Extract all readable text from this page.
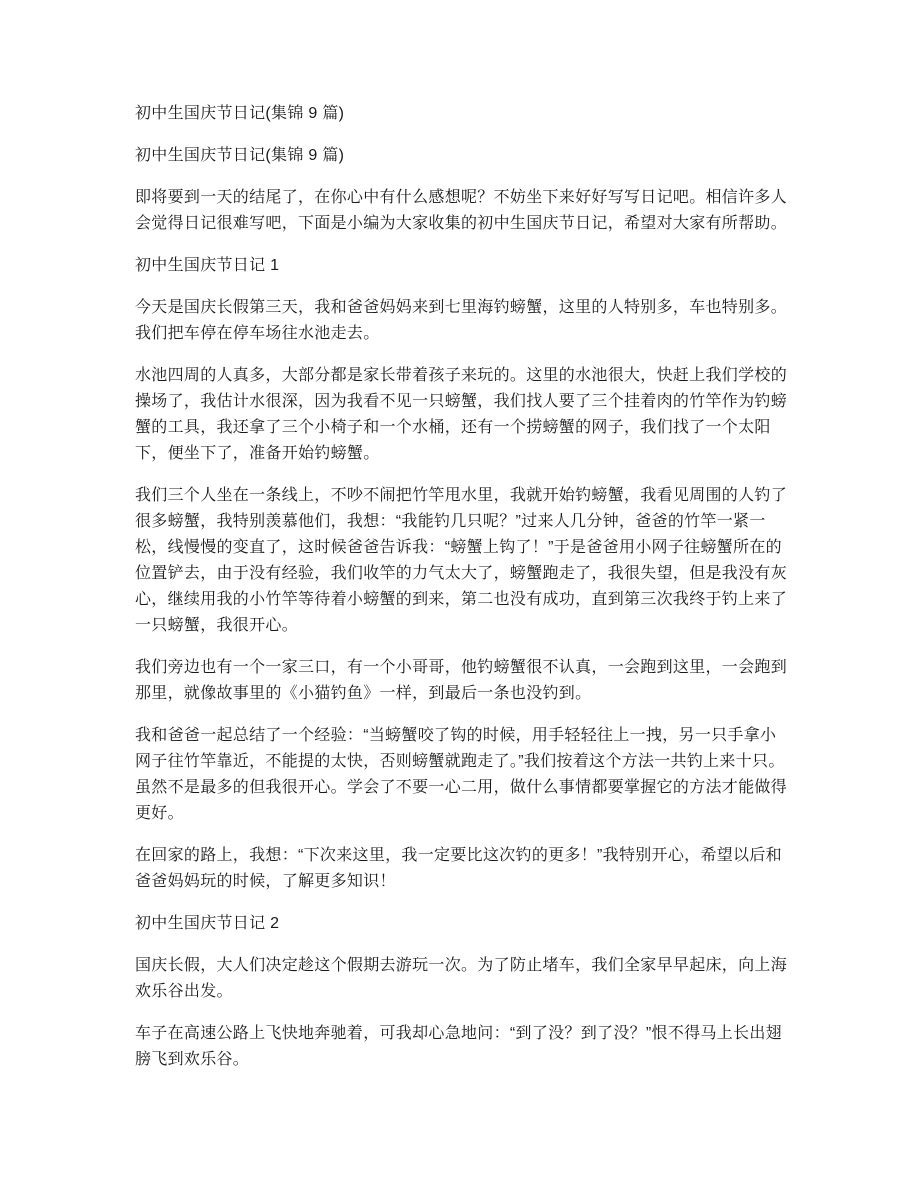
初中生国庆节日记(集锦 9 篇)
初中生国庆节日记(集锦 9 篇)

即将要到一天的结尾了，在你心中有什么感想呢？不妨坐下来好好写写日记吧。相信许多人会觉得日记很难写吧，下面是小编为大家收集的初中生国庆节日记，希望对大家有所帮助。

初中生国庆节日记 1

今天是国庆长假第三天，我和爸爸妈妈来到七里海钓螃蟹，这里的人特别多，车也特别多。我们把车停在停车场往水池走去。

水池四周的人真多，大部分都是家长带着孩子来玩的。这里的水池很大，快赶上我们学校的操场了，我估计水很深，因为我看不见一只螃蟹，我们找人要了三个挂着肉的竹竿作为钓螃蟹的工具，我还拿了三个小椅子和一个水桶，还有一个捞螃蟹的网子，我们找了一个太阳下，便坐下了，准备开始钓螃蟹。

我们三个人坐在一条线上，不吵不闹把竹竿甩水里，我就开始钓螃蟹，我看见周围的人钓了很多螃蟹，我特别羡慕他们，我想：“我能钓几只呢？”过来人几分钟，爸爸的竹竿一紧一松，线慢慢的变直了，这时候爸爸告诉我：“螃蟹上钩了！”于是爸爸用小网子往螃蟹所在的位置铲去，由于没有经验，我们收竿的力气太大了，螃蟹跑走了，我很失望，但是我没有灰心，继续用我的小竹竿等待着小螃蟹的到来，第二也没有成功，直到第三次我终于钓上来了一只螃蟹，我很开心。

我们旁边也有一个一家三口，有一个小哥哥，他钓螃蟹很不认真，一会跑到这里，一会跑到那里，就像故事里的《小猫钓鱼》一样，到最后一条也没钓到。

我和爸爸一起总结了一个经验：“当螃蟹咬了钩的时候，用手轻轻往上一拽，另一只手拿小网子往竹竿靠近，不能提的太快，否则螃蟹就跑走了。”我们按着这个方法一共钓上来十只。虽然不是最多的但我很开心。学会了不要一心二用，做什么事情都要掌握它的方法才能做得更好。

在回家的路上，我想：“下次来这里，我一定要比这次钓的更多！”我特别开心，希望以后和爸爸妈妈玩的时候，了解更多知识！

初中生国庆节日记 2

国庆长假，大人们决定趁这个假期去游玩一次。为了防止堵车，我们全家早早起床，向上海欢乐谷出发。

车子在高速公路上飞快地奔驰着，可我却心急地问：“到了没？到了没？”恨不得马上长出翅膀飞到欢乐谷。
